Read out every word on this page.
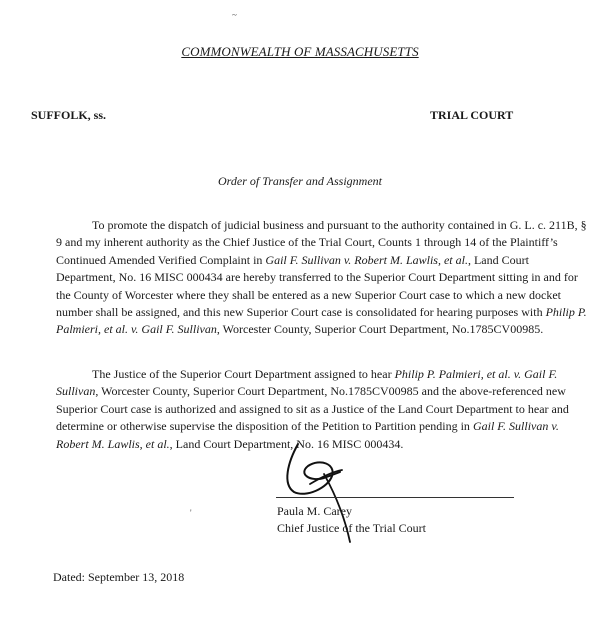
~
COMMONWEALTH OF MASSACHUSETTS
SUFFOLK, ss.	TRIAL COURT
Order of Transfer and Assignment

To promote the dispatch of judicial business and pursuant to the authority contained in G. L. c. 211B, § 9 and my inherent authority as the Chief Justice of the Trial Court, Counts 1 through 14 of the Plaintiff’s Continued Amended Verified Complaint in Gail F. Sullivan v. Robert M. Lawlis, et al., Land Court Department, No. 16 MISC 000434 are hereby transferred to the Superior Court Department sitting in and for the County of Worcester where they shall be entered as a new Superior Court case to which a new docket number shall be assigned, and this new Superior Court case is consolidated for hearing purposes with Philip P. Palmieri, et al. v. Gail F. Sullivan, Worcester County, Superior Court Department, No.1785CV00985.

The Justice of the Superior Court Department assigned to hear Philip P. Palmieri, et al. v. Gail F. Sullivan, Worcester County, Superior Court Department, No.1785CV00985 and the above-referenced new Superior Court case is authorized and assigned to sit as a Justice of the Land Court Department to hear and determine or otherwise supervise the disposition of the Petition to Partition pending in Gail F. Sullivan v. Robert M. Lawlis, et al., Land Court Department, No. 16 MISC 000434.

'	Paula M. Carey
Chief Justice of the Trial Court
Dated: September 13, 2018
